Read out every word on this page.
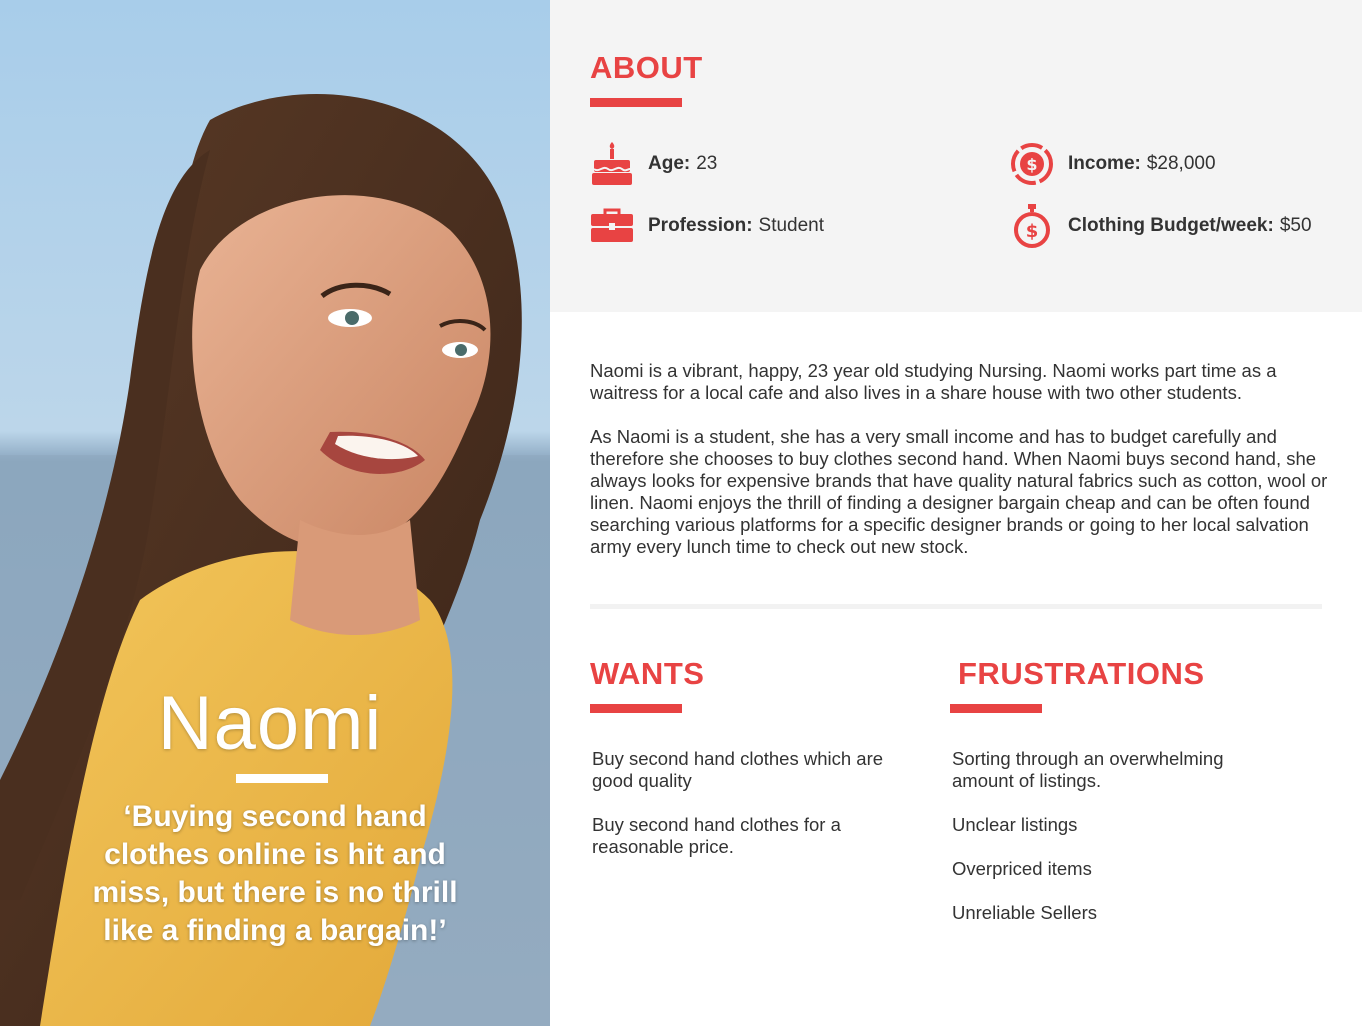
Naomi
‘Buying second hand clothes online is hit and miss, but there is no thrill like a finding a bargain!’
ABOUT
Age: 23
Profession: Student
$ Income: $28,000
$ Clothing Budget/week: $50
Naomi is a vibrant, happy, 23 year old studying Nursing. Naomi works part time as a waitress for a local cafe and also lives in a share house with two other students.
As Naomi is a student, she has a very small income and has to budget carefully and therefore she chooses to buy clothes second hand. When Naomi buys second hand, she always looks for expensive brands that have quality natural fabrics such as cotton, wool or linen. Naomi enjoys the thrill of finding a designer bargain cheap and can be often found searching various platforms for a specific designer brands or going to her local salvation army every lunch time to check out new stock.
WANTS
Buy second hand clothes which are good quality
Buy second hand clothes for a reasonable price.
FRUSTRATIONS
Sorting through an overwhelming amount of listings.
Unclear listings
Overpriced items
Unreliable Sellers
